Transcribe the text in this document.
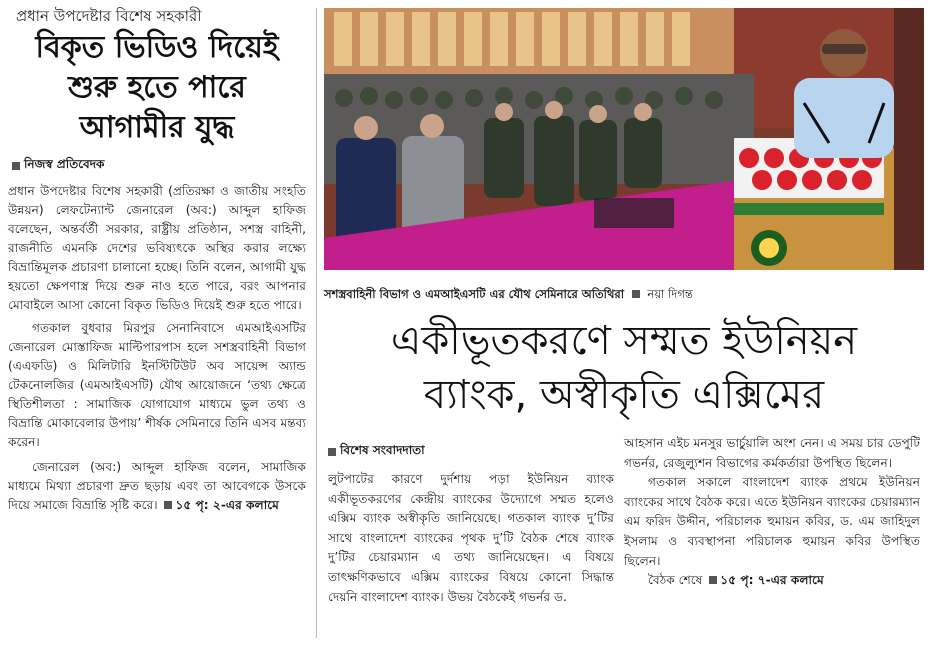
প্রধান উপদেষ্টার বিশেষ সহকারী
বিকৃত ভিডিও দিয়েই
শুরু হতে পারে
আগামীর যুদ্ধ
নিজস্ব প্রতিবেদক

প্রধান উপদেষ্টার বিশেষ সহকারী (প্রতিরক্ষা ও জাতীয় সংহতি উন্নয়ন) লেফটেন্যান্ট জেনারেল (অব:) আব্দুল হাফিজ বলেছেন, অন্তর্বর্তী সরকার, রাষ্ট্রীয় প্রতিষ্ঠান, সশস্ত্র বাহিনী, রাজনীতি এমনকি দেশের ভবিষ্যৎকে অস্থির করার লক্ষ্যে বিভ্রান্তিমূলক প্রচারণা চালানো হচ্ছে। তিনি বলেন, আগামী যুদ্ধ হয়তো ক্ষেপণাস্ত্র দিয়ে শুরু নাও হতে পারে, বরং আপনার মোবাইলে আসা কোনো বিকৃত ভিডিও দিয়েই শুরু হতে পারে।

গতকাল বুধবার মিরপুর সেনানিবাসে এমআইএসটির জেনারেল মোস্তাফিজ মাল্টিপারপাস হলে সশস্ত্রবাহিনী বিভাগ (এএফডি) ও মিলিটারি ইনস্টিটিউট অব সায়েন্স অ্যান্ড টেকনোলজির (এমআইএসটি) যৌথ আয়োজনে ‘তথ্য ক্ষেত্রে স্থিতিশীলতা : সামাজিক যোগাযোগ মাধ্যমে ভুল তথ্য ও বিভ্রান্তি মোকাবেলার উপায়’ শীর্ষক সেমিনারে তিনি এসব মন্তব্য করেন।

জেনারেল (অব:) আব্দুল হাফিজ বলেন, সামাজিক মাধ্যমে মিথ্যা প্রচারণা দ্রুত ছড়ায় এবং তা আবেগকে উসকে দিয়ে সমাজে বিভ্রান্তি সৃষ্টি করে। ১৫ পৃ: ২-এর কলামে

সশস্ত্রবাহিনী বিভাগ ও এমআইএসটি এর যৌথ সেমিনারে অতিথিরা নয়া দিগন্ত
একীভূতকরণে সম্মত ইউনিয়ন
ব্যাংক, অস্বীকৃতি এক্সিমের
বিশেষ সংবাদদাতা

লুটপাটের কারণে দুর্দশায় পড়া ইউনিয়ন ব্যাংক একীভূতকরণের কেন্দ্রীয় ব্যাংকের উদ্যোগে সম্মত হলেও এক্সিম ব্যাংক অস্বীকৃতি জানিয়েছে। গতকাল ব্যাংক দু’টির সাথে বাংলাদেশ ব্যাংকের পৃথক দু’টি বৈঠক শেষে ব্যাংক দু’টির চেয়ারম্যান এ তথ্য জানিয়েছেন। এ বিষয়ে তাৎক্ষণিকভাবে এক্সিম ব্যাংকের বিষয়ে কোনো সিদ্ধান্ত দেয়নি বাংলাদেশ ব্যাংক। উভয় বৈঠকেই গভর্নর ড.

আহসান এইচ মনসুর ভার্চুয়ালি অংশ নেন। এ সময় চার ডেপুটি গভর্নর, রেজুল্যুশন বিভাগের কর্মকর্তারা উপস্থিত ছিলেন।

গতকাল সকালে বাংলাদেশ ব্যাংক প্রথমে ইউনিয়ন ব্যাংকের সাথে বৈঠক করে। এতে ইউনিয়ন ব্যাংকের চেয়ারম্যান এম ফরিদ উদ্দীন, পরিচালক হুমায়ন কবির, ড. এম জাহিদুল ইসলাম ও ব্যবস্থাপনা পরিচালক হুমায়ন কবির উপস্থিত ছিলেন।

বৈঠক শেষে ১৫ পৃ: ৭-এর কলামে
